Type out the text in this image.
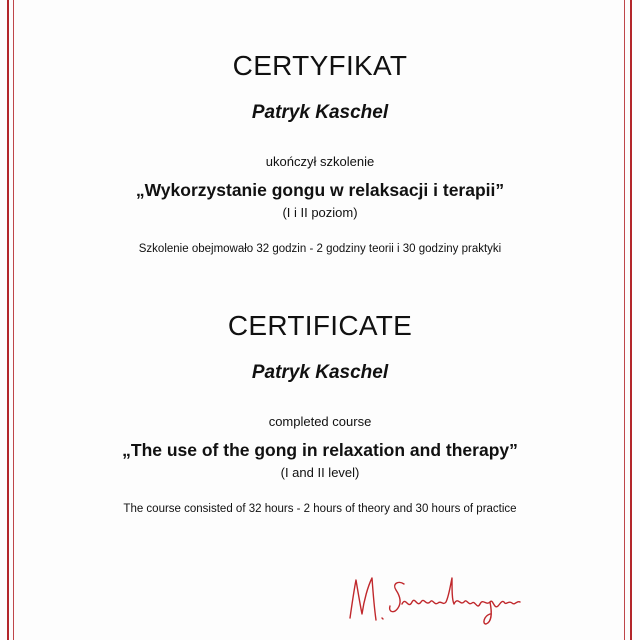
CERTYFIKAT
Patryk Kaschel
ukończył szkolenie
„Wykorzystanie gongu w relaksacji i terapii”
(I i II poziom)
Szkolenie obejmowało 32 godzin - 2 godziny teorii i 30 godziny praktyki
CERTIFICATE
Patryk Kaschel
completed course
„The use of the gong in relaxation and therapy”
(I and II level)
The course consisted of 32 hours - 2 hours of theory and 30 hours of practice
